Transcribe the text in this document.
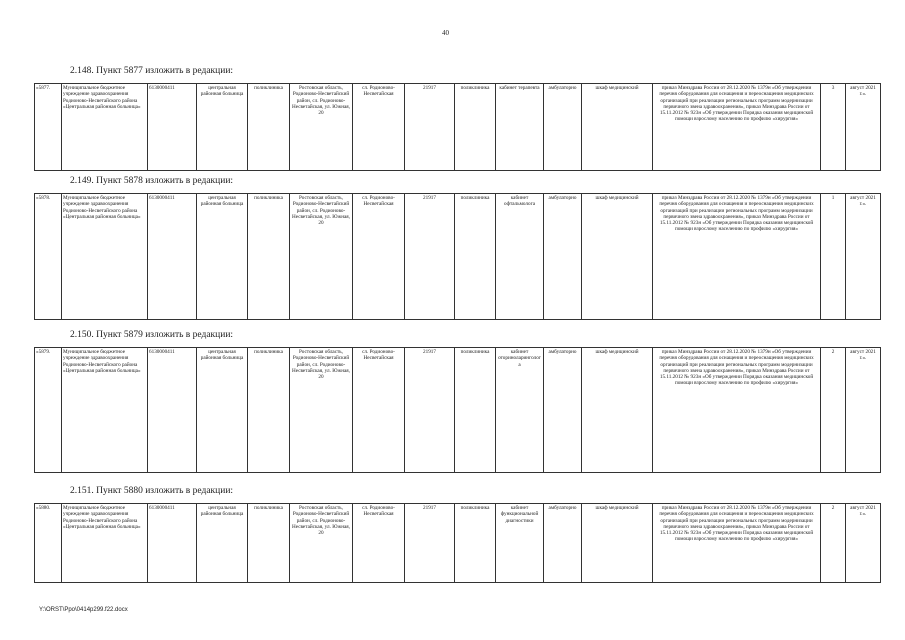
40
2.148. Пункт 5877 изложить в редакции:
«5877.	Муниципальное бюджетное учреждение здравоохранения Родионово-Несветайского района «Центральная районная больница»	6130000411	центральная районная больница	поликлиника	Ростовская область, Родионово-Несветайский район, сл. Родионово-Несветайская, ул. Южная, 20	сл. Родионово-Несветайская	21917	поликлиника	кабинет терапевта	амбулаторно	шкаф медицинский	приказ Минздрава России от 28.12.2020 № 1379н «Об утверждении перечня оборудования для оснащения и переоснащения медицинских организаций при реализации региональных программ модернизации первичного звена здравоохранения», приказ Минздрава России от 15.11.2012 № 923н «Об утверждении Порядка оказания медицинской помощи взрослому населению по профилю «хирургия»	3	август 2021 г.».
2.149. Пункт 5878 изложить в редакции:
«5878.	Муниципальное бюджетное учреждение здравоохранения Родионово-Несветайского района «Центральная районная больница»	6130000411	центральная районная больница	поликлиника	Ростовская область, Родионово-Несветайский район, сл. Родионово-Несветайская, ул. Южная, 20	сл. Родионово-Несветайская	21917	поликлиника	кабинет офтальмолога	амбулаторно	шкаф медицинский	приказ Минздрава России от 28.12.2020 № 1379н «Об утверждении перечня оборудования для оснащения и переоснащения медицинских организаций при реализации региональных программ модернизации первичного звена здравоохранения», приказ Минздрава России от 15.11.2012 № 923н «Об утверждении Порядка оказания медицинской помощи взрослому населению по профилю «хирургия»	1	август 2021 г.».
2.150. Пункт 5879 изложить в редакции:
«5879.	Муниципальное бюджетное учреждение здравоохранения Родионово-Несветайского района «Центральная районная больница»	6130000411	центральная районная больница	поликлиника	Ростовская область, Родионово-Несветайский район, сл. Родионово-Несветайская, ул. Южная, 20	сл. Родионово-Несветайская	21917	поликлиника	кабинет оториноларинголога	амбулаторно	шкаф медицинский	приказ Минздрава России от 28.12.2020 № 1379н «Об утверждении перечня оборудования для оснащения и переоснащения медицинских организаций при реализации региональных программ модернизации первичного звена здравоохранения», приказ Минздрава России от 15.11.2012 № 923н «Об утверждении Порядка оказания медицинской помощи взрослому населению по профилю «хирургия»	2	август 2021 г.».
2.151. Пункт 5880 изложить в редакции:
«5880.	Муниципальное бюджетное учреждение здравоохранения Родионово-Несветайского района «Центральная районная больница»	6130000411	центральная районная больница	поликлиника	Ростовская область, Родионово-Несветайский район, сл. Родионово-Несветайская, ул. Южная, 20	сл. Родионово-Несветайская	21917	поликлиника	кабинет функциональной диагностики	амбулаторно	шкаф медицинский	приказ Минздрава России от 28.12.2020 № 1379н «Об утверждении перечня оборудования для оснащения и переоснащения медицинских организаций при реализации региональных программ модернизации первичного звена здравоохранения», приказ Минздрава России от 15.11.2012 № 923н «Об утверждении Порядка оказания медицинской помощи взрослому населению по профилю «хирургия»	2	август 2021 г.».
Y:\ORST\Ppo\0414p299.f22.docx
